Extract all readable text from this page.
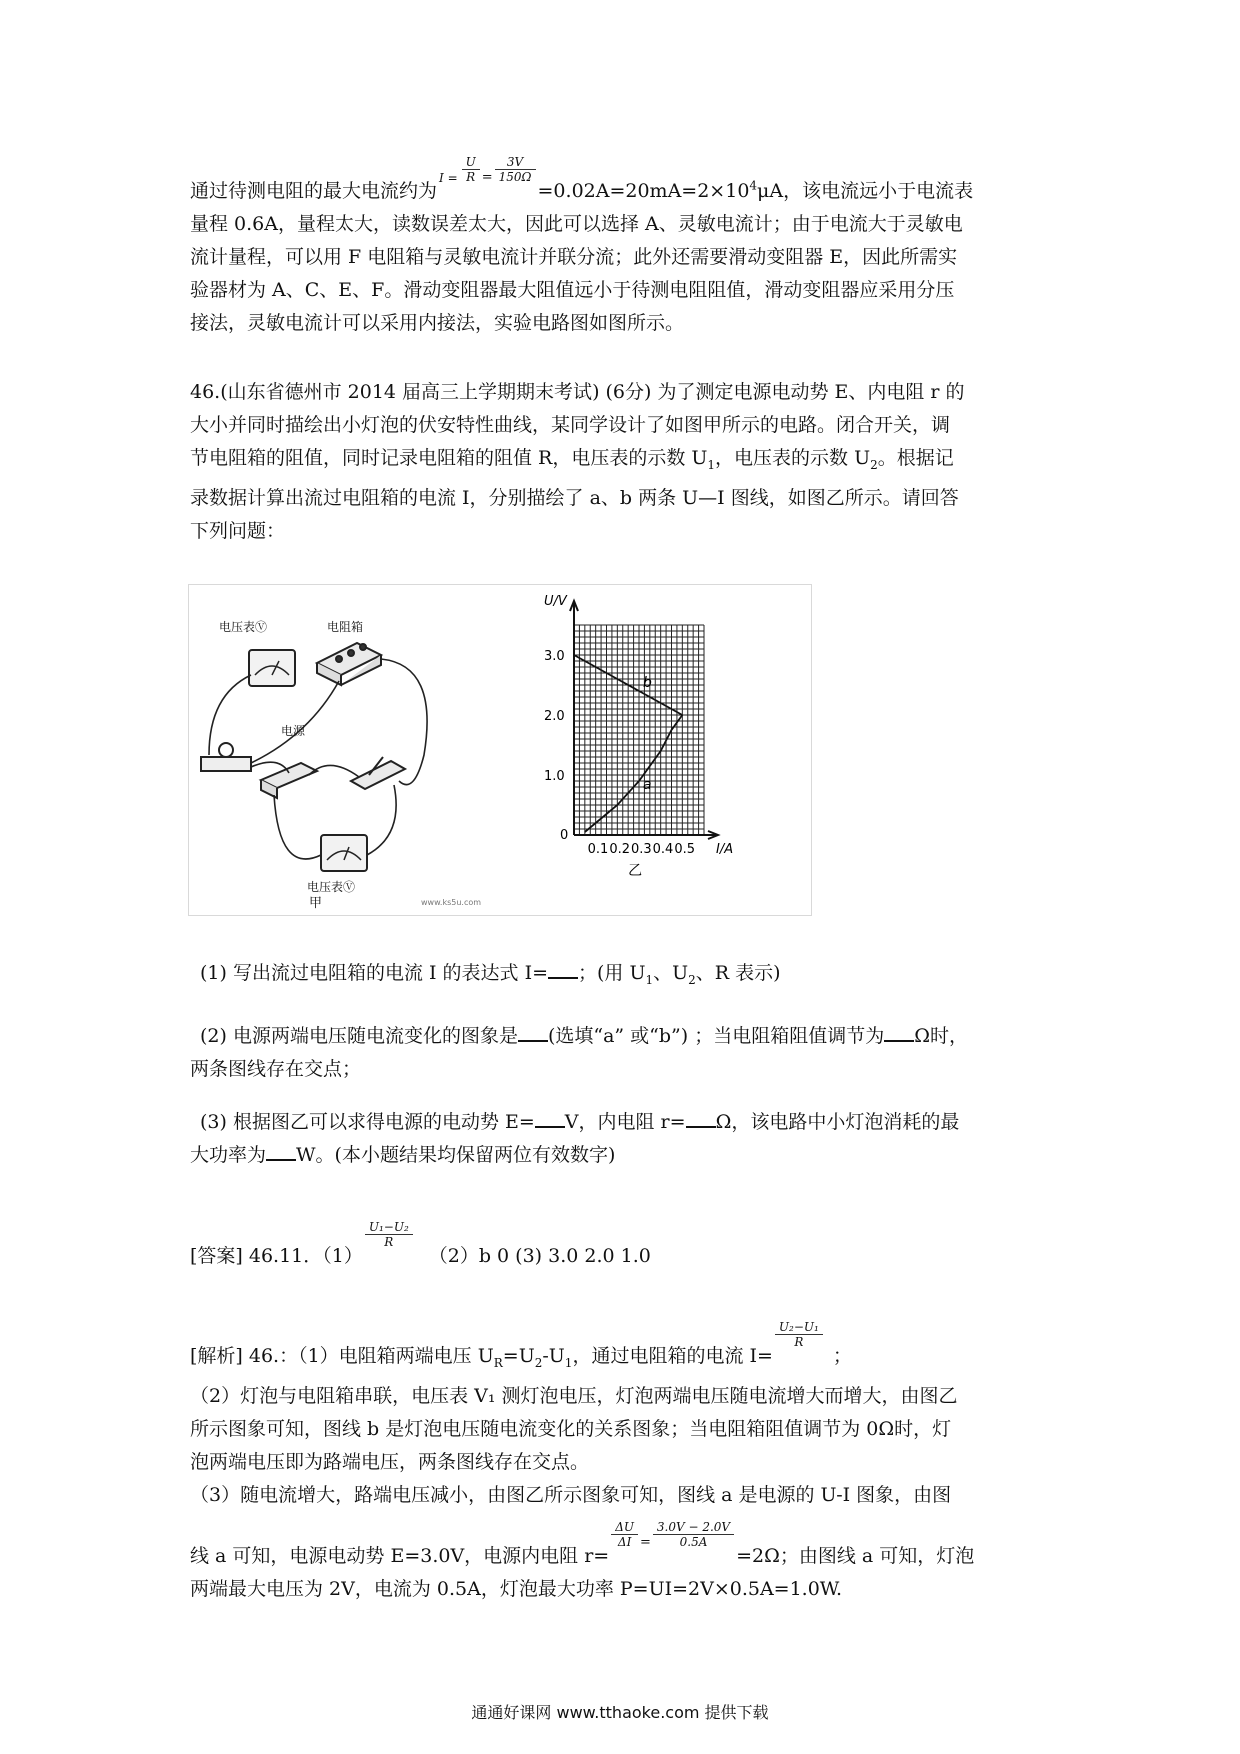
通过待测电阻的最大电流约为$I = \frac{U}{R} ^= \frac{3V}{150\Omega}$
$=0.02A=20mA=2\times 10^4\mu A$，该电流远小于电流表

量程 0.6A，量程太大，读数误差太大，因此可以选择 A、灵敏电流计；由于电流大于灵敏电

流计量程，可以用 F 电阻箱与灵敏电流计并联分流；此外还需要滑动变阻器 E，因此所需实

验器材为 A、C、E、F。滑动变阻器最大阻值远小于待测电阻阻值，滑动变阻器应采用分压

接法，灵敏电流计可以采用内接法，实验电路图如图所示。

46.(山东省德州市 2014 届高三上学期期末考试) (6分) 为了测定电源电动势 E、内电阻 r 的

大小并同时描绘出小灯泡的伏安特性曲线，某同学设计了如图甲所示的电路。闭合开关，调

节电阻箱的阻值，同时记录电阻箱的阻值 R，电压表的示数 $U_1$，电压表的示数 $U_2$。根据记

录数据计算出流过电阻箱的电流 I，分别描绘了 a、b 两条 U—I 图线，如图乙所示。请回答

下列问题：

电压表Ⓥ	电阻箱
电源
电压表Ⓥ
甲	www.ks5u.com
0.1 0.2 0.3 0.4 0.5
1.0
2.0
3.0
0
U/V
I/A
a
b
乙

(1) 写出流过电阻箱的电流 I 的表达式 I= ；(用 $U_1$、$U_2$、R 表示)

(2) 电源两端电压随电流变化的图象是 (选填“a” 或“b”) ；当电阻箱阻值调节为 Ω时，

两条图线存在交点；

(3) 根据图乙可以求得电源的电动势 E= V，内电阻 r= Ω，该电路中小灯泡消耗的最

大功率为 W。(本小题结果均保留两位有效数字)

[答案] 46.11．（1）
$\frac{\text{U₁−U₂}}{R}$
（2）b 0 (3) 3.0 2.0 1.0

[解析] 46.：（1）电阻箱两端电压 $U_R=U_2-U_1$，通过电阻箱的电流 I=
$\frac{\text{U₂−U₁}}{R}$
；

（2）灯泡与电阻箱串联，电压表 V₁ 测灯泡电压，灯泡两端电压随电流增大而增大，由图乙

所示图象可知，图线 b 是灯泡电压随电流变化的关系图象；当电阻箱阻值调节为 0Ω时，灯

泡两端电压即为路端电压，两条图线存在交点。

（3）随电流增大，路端电压减小，由图乙所示图象可知，图线 a 是电源的 U-I 图象，由图

线 a 可知，电源电动势 E=3.0V，电源内电阻 r=
$\frac{\Delta U}{\Delta I} ^= \frac{3.0V - 2.0V}{0.5A}$
=2Ω；由图线 a 可知，灯泡

两端最大电压为 2V，电流为 0.5A，灯泡最大功率 P=UI=2V×0.5A=1.0W.

通通好课网 www.tthaoke.com 提供下载
